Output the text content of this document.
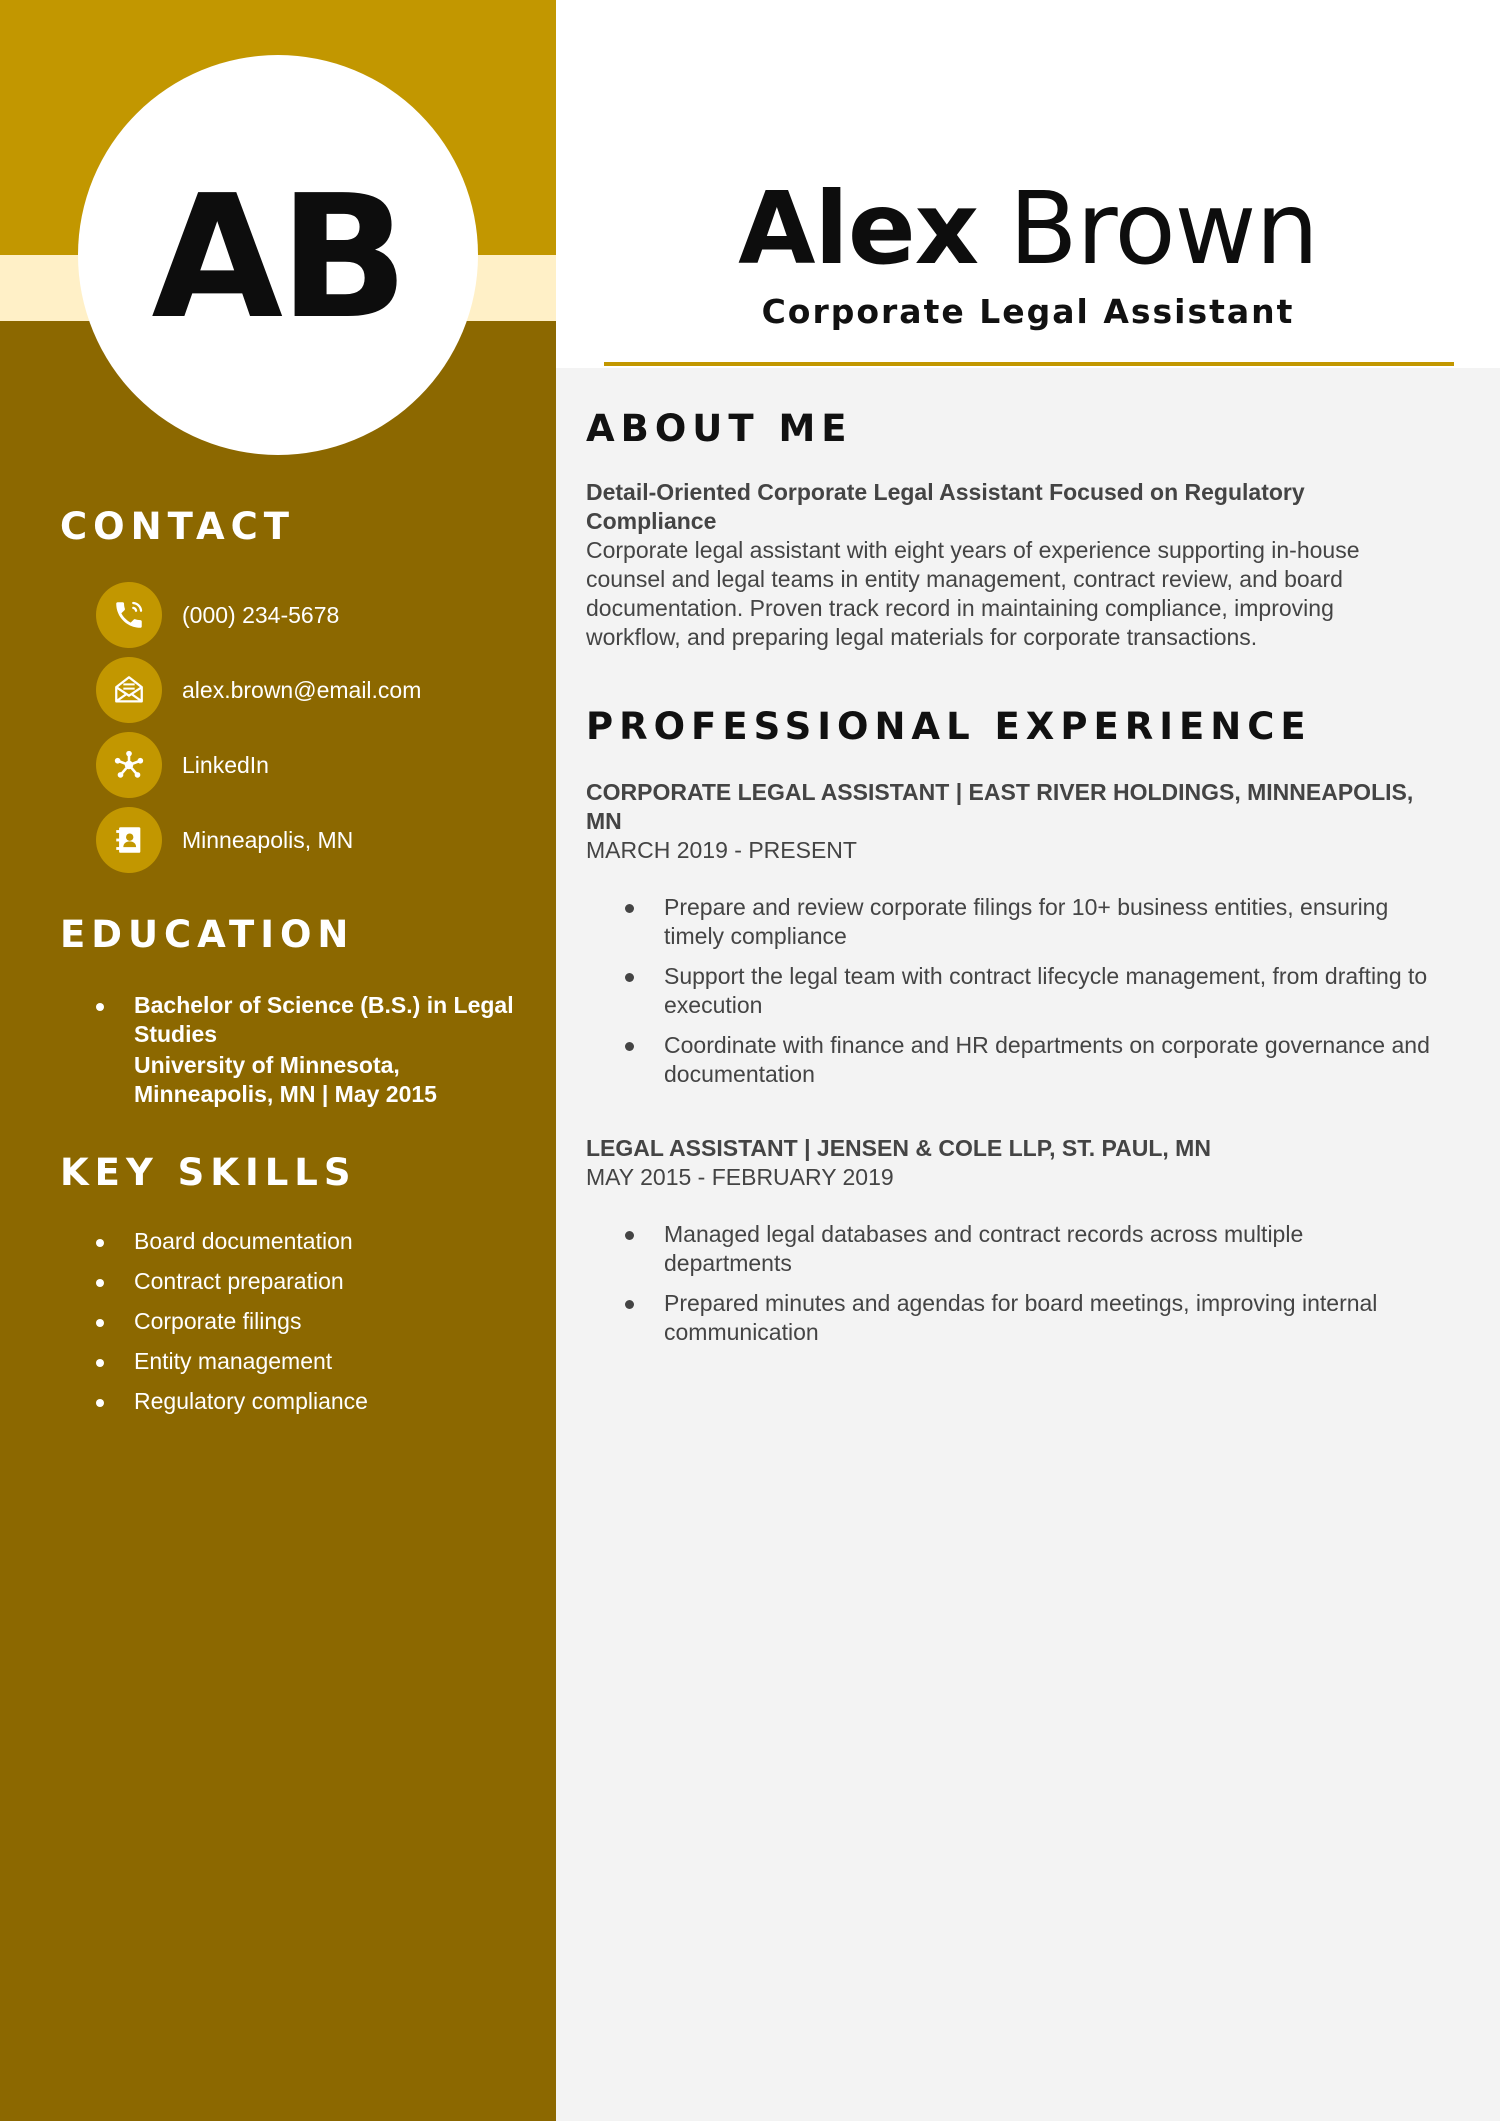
AB
CONTACT
(000) 234-5678
alex.brown@email.com
LinkedIn
Minneapolis, MN
EDUCATION
Bachelor of Science (B.S.) in Legal Studies
University of Minnesota, Minneapolis, MN | May 2015
KEY SKILLS
Board documentation
Contract preparation
Corporate filings
Entity management
Regulatory compliance
Alex Brown
Corporate Legal Assistant
ABOUT ME
Detail-Oriented Corporate Legal Assistant Focused on Regulatory Compliance
Corporate legal assistant with eight years of experience supporting in-house counsel and legal teams in entity management, contract review, and board documentation. Proven track record in maintaining compliance, improving workflow, and preparing legal materials for corporate transactions.
PROFESSIONAL EXPERIENCE
CORPORATE LEGAL ASSISTANT | EAST RIVER HOLDINGS, MINNEAPOLIS, MN
MARCH 2019 - PRESENT
Prepare and review corporate filings for 10+ business entities, ensuring timely compliance
Support the legal team with contract lifecycle management, from drafting to execution
Coordinate with finance and HR departments on corporate governance and documentation
LEGAL ASSISTANT | JENSEN & COLE LLP, ST. PAUL, MN
MAY 2015 - FEBRUARY 2019
Managed legal databases and contract records across multiple departments
Prepared minutes and agendas for board meetings, improving internal communication
